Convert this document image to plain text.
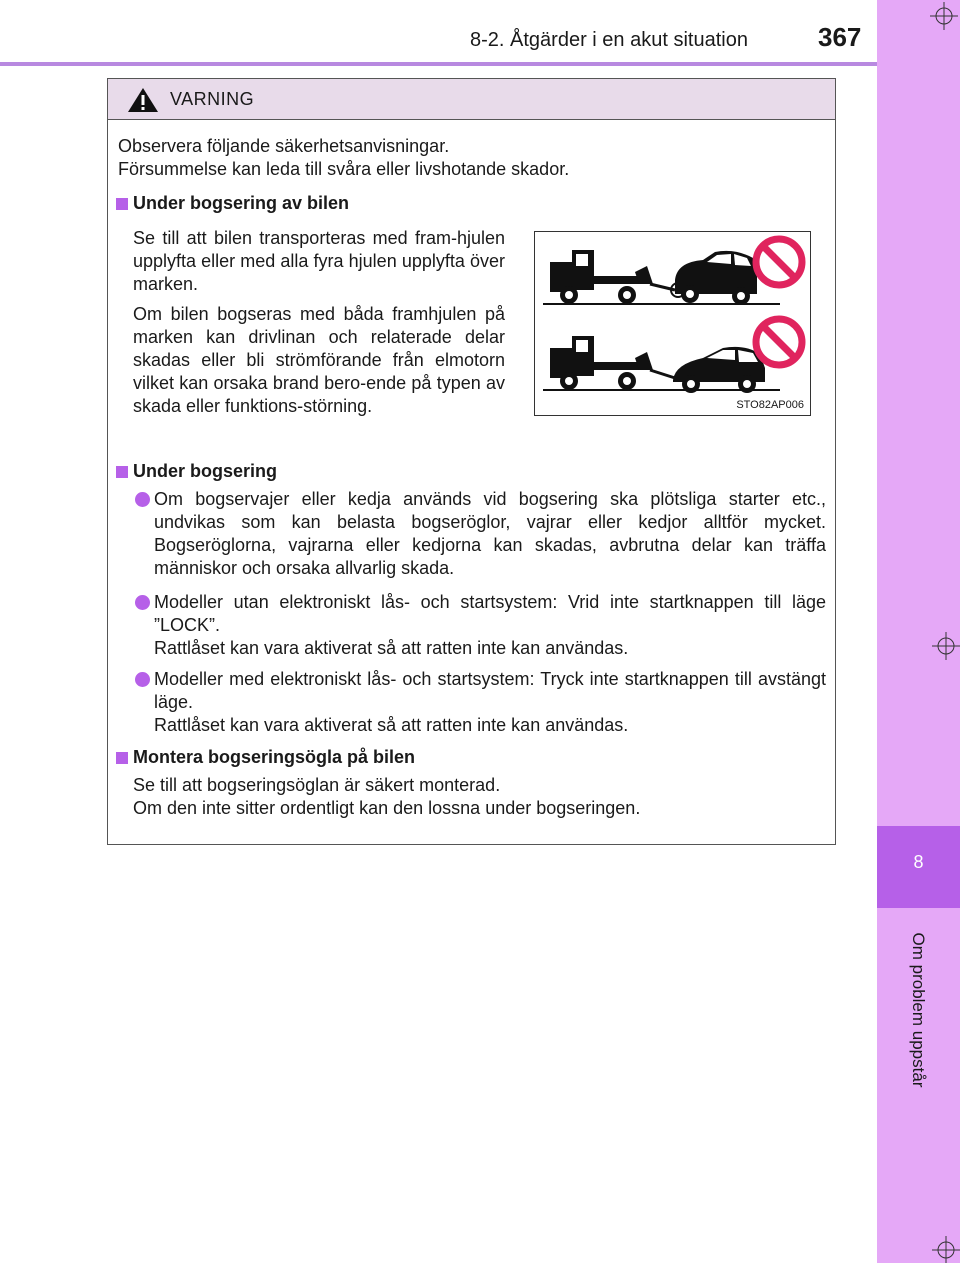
8-2. Åtgärder i en akut situation	367
8
Om problem uppstår
VARNING
Observera följande säkerhetsanvisningar.
Försummelse kan leda till svåra eller livshotande skador.
Under bogsering av bilen
Se till att bilen transporteras med fram-hjulen upplyfta eller med alla fyra hjulen upplyfta över marken.
Om bilen bogseras med båda framhjulen på marken kan drivlinan och relaterade delar skadas eller bli strömförande från elmotorn vilket kan orsaka brand bero-ende på typen av skada eller funktions-störning.	STO82AP006
Under bogsering
Om bogservajer eller kedja används vid bogsering ska plötsliga starter etc., undvikas som kan belasta bogseröglor, vajrar eller kedjor alltför mycket. Bogseröglorna, vajrarna eller kedjorna kan skadas, avbrutna delar kan träffa människor och orsaka allvarlig skada.
Modeller utan elektroniskt lås- och startsystem: Vrid inte startknappen till läge ”LOCK”.
Rattlåset kan vara aktiverat så att ratten inte kan användas.
Modeller med elektroniskt lås- och startsystem: Tryck inte startknappen till avstängt läge.
Rattlåset kan vara aktiverat så att ratten inte kan användas.
Montera bogseringsögla på bilen
Se till att bogseringsöglan är säkert monterad.
Om den inte sitter ordentligt kan den lossna under bogseringen.
